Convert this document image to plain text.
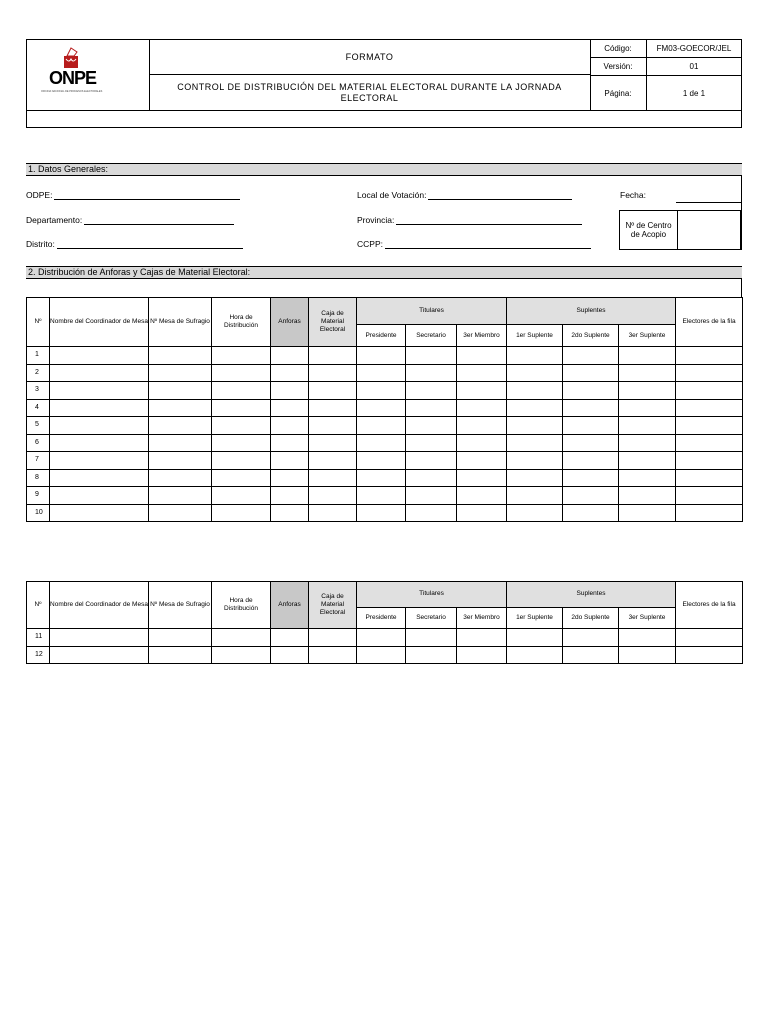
ONPE
OFICINA NACIONAL DE PROCESOS ELECTORALES
FORMATO
CONTROL DE DISTRIBUCIÓN DEL MATERIAL ELECTORAL DURANTE LA JORNADA ELECTORAL
Código:	FM03-GOECOR/JEL
Versión:	01
Página:	1 de 1
1. Datos Generales:
ODPE:	Local de Votación:	Fecha:
Departamento:	Provincia:
Nº de Centro de Acopio
Distrito:	CCPP:
2. Distribución de Anforas y Cajas de Material Electoral:
Nº	Nombre del Coordinador de Mesa	Nº Mesa de Sufragio	Hora de Distribución	Anforas	Caja de Material Electoral	Titulares			Suplentes			Electores de la fila
						Presidente	Secretario	3er Miembro	1er Suplente	2do Suplente	3er Suplente	
1												
2												
3												
4												
5												
6												
7												
8												
9												
10												
Nº	Nombre del Coordinador de Mesa	Nº Mesa de Sufragio	Hora de Distribución	Anforas	Caja de Material Electoral	Titulares			Suplentes			Electores de la fila
						Presidente	Secretario	3er Miembro	1er Suplente	2do Suplente	3er Suplente	
11												
12												
